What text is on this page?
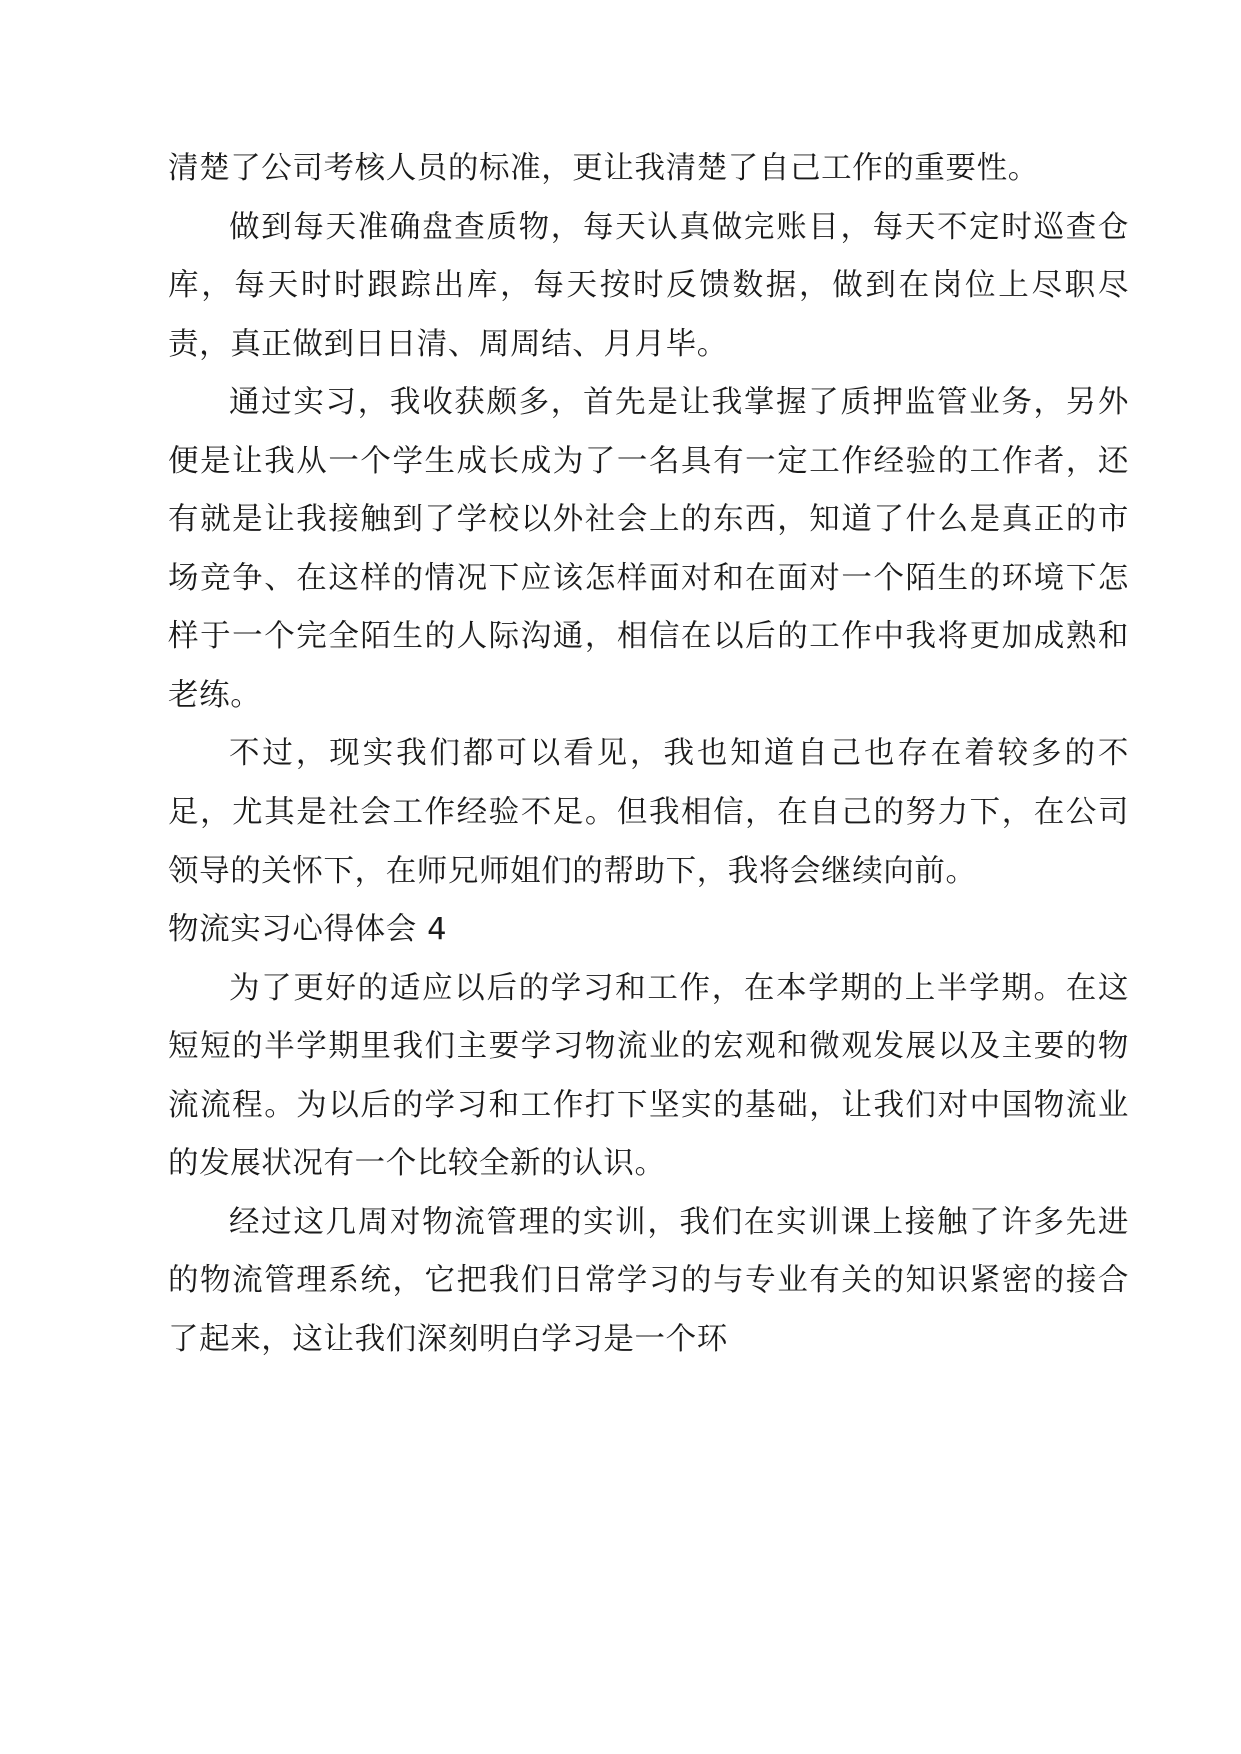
清楚了公司考核人员的标准，更让我清楚了自己工作的重要性。

做到每天准确盘查质物，每天认真做完账目，每天不定时巡查仓库，每天时时跟踪出库，每天按时反馈数据，做到在岗位上尽职尽责，真正做到日日清、周周结、月月毕。

通过实习，我收获颇多，首先是让我掌握了质押监管业务，另外便是让我从一个学生成长成为了一名具有一定工作经验的工作者，还有就是让我接触到了学校以外社会上的东西，知道了什么是真正的市场竞争、在这样的情况下应该怎样面对和在面对一个陌生的环境下怎样于一个完全陌生的人际沟通，相信在以后的工作中我将更加成熟和老练。

不过，现实我们都可以看见，我也知道自己也存在着较多的不足，尤其是社会工作经验不足。但我相信，在自己的努力下，在公司领导的关怀下，在师兄师姐们的帮助下，我将会继续向前。

物流实习心得体会 4

为了更好的适应以后的学习和工作，在本学期的上半学期。在这短短的半学期里我们主要学习物流业的宏观和微观发展以及主要的物流流程。为以后的学习和工作打下坚实的基础，让我们对中国物流业的发展状况有一个比较全新的认识。

经过这几周对物流管理的实训，我们在实训课上接触了许多先进的物流管理系统，它把我们日常学习的与专业有关的知识紧密的接合了起来，这让我们深刻明白学习是一个环
